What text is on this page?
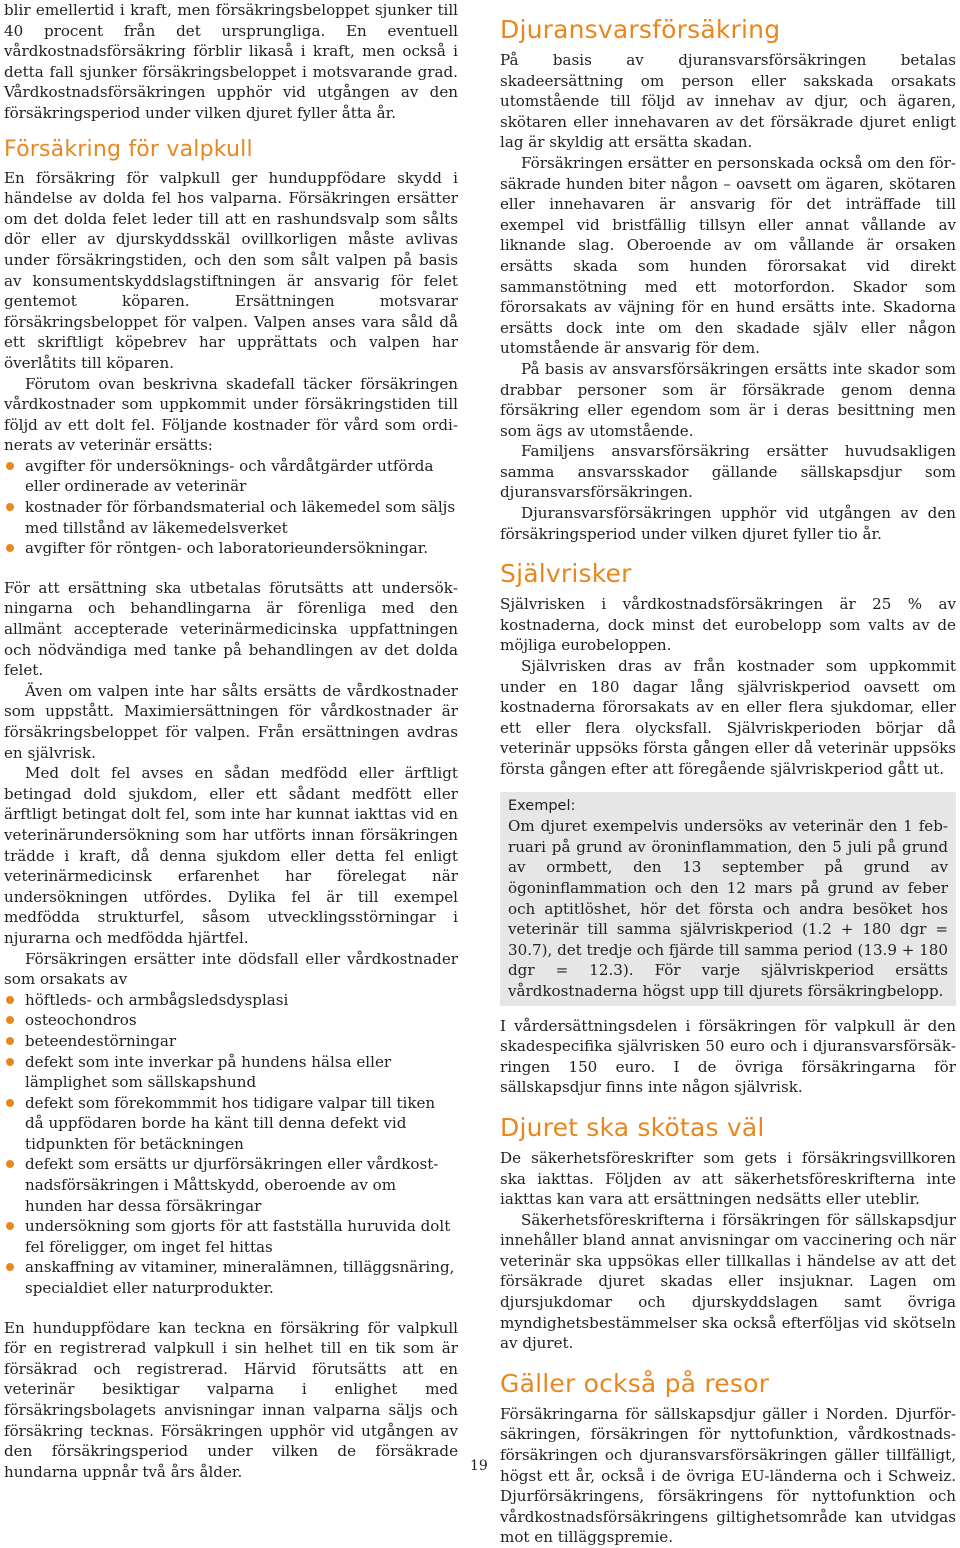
blir emellertid i kraft, men försäkringsbeloppet sjunker till 40 procent från det ursprungliga. En eventuell vårdkostnadsförsäkring förblir likaså i kraft, men också i detta fall sjunker försäkringsbeloppet i motsvarande grad. Vårdkostnadsförsäkringen upphör vid utgången av den försäkringsperiod under vilken djuret fyller åtta år.

Försäkring för valpkull

En försäkring för valpkull ger hunduppfödare skydd i händelse av dolda fel hos valparna. Försäkringen ersätter om det dolda felet leder till att en rashundsvalp som sålts dör eller av djurskyddsskäl ovillkorligen måste avlivas under försäkringstiden, och den som sålt valpen på basis av konsumentskyddslagstiftningen är ansvarig för felet gentemot köparen. Ersättningen motsvarar försäkringsbeloppet för valpen. Valpen anses vara såld då ett skriftligt köpebrev har upprättats och valpen har överlåtits till köparen.

Förutom ovan beskrivna skadefall täcker försäkringen vårdkostnader som uppkommit under försäkringstiden till följd av ett dolt fel. Följande kostnader för vård som ordinerats av veterinär ersätts:

avgifter för undersöknings- och vårdåtgärder utförda eller ordinerade av veterinär
kostnader för förbandsmaterial och läkemedel som säljs med tillstånd av läkemedelsverket
avgifter för röntgen- och laboratorieundersökningar.

För att ersättning ska utbetalas förutsätts att undersökningarna och behandlingarna är förenliga med den allmänt accepterade veterinärmedicinska uppfattningen och nödvändiga med tanke på behandlingen av det dolda felet.

Även om valpen inte har sålts ersätts de vårdkostnader som uppstått. Maximiersättningen för vårdkostnader är försäkringsbeloppet för valpen. Från ersättningen avdras en självrisk.

Med dolt fel avses en sådan medfödd eller ärftligt betingad dold sjukdom, eller ett sådant medfött eller ärftligt betingat dolt fel, som inte har kunnat iakttas vid en veterinärundersökning som har utförts innan försäkringen trädde i kraft, då denna sjukdom eller detta fel enligt veterinärmedicinsk erfarenhet har förelegat när undersökningen utfördes. Dylika fel är till exempel medfödda strukturfel, såsom utvecklingsstörningar i njurarna och medfödda hjärtfel.

Försäkringen ersätter inte dödsfall eller vårdkostnader som orsakats av

höftleds- och armbågsledsdysplasi
osteochondros
beteendestörningar
defekt som inte inverkar på hundens hälsa eller lämplighet som sällskapshund
defekt som förekommmit hos tidigare valpar till tiken då uppfödaren borde ha känt till denna defekt vid tidpunkten för betäckningen
defekt som ersätts ur djurförsäkringen eller vårdkostnadsförsäkringen i Måttskydd, oberoende av om hunden har dessa försäkringar
undersökning som gjorts för att fastställa huruvida dolt fel föreligger, om inget fel hittas
anskaffning av vitaminer, mineralämnen, tilläggsnäring, specialdiet eller naturprodukter.

En hunduppfödare kan teckna en försäkring för valpkull för en registrerad valpkull i sin helhet till en tik som är försäkrad och registrerad. Härvid förutsätts att en veterinär besiktigar valparna i enlighet med försäkringsbolagets anvisningar innan valparna säljs och försäkring tecknas. Försäkringen upphör vid utgången av den försäkringsperiod under vilken de försäkrade hundarna uppnår två års ålder.

Djuransvarsförsäkring

På basis av djuransvarsförsäkringen betalas skadeersättning om person eller sakskada orsakats utomstående till följd av innehav av djur, och ägaren, skötaren eller innehavaren av det försäkrade djuret enligt lag är skyldig att ersätta skadan.

Försäkringen ersätter en personskada också om den försäkrade hunden biter någon – oavsett om ägaren, skötaren eller innehavaren är ansvarig för det inträffade till exempel vid bristfällig tillsyn eller annat vållande av liknande slag. Oberoende av om vållande är orsaken ersätts skada som hunden förorsakat vid direkt sammanstötning med ett motorfordon. Skador som förorsakats av väjning för en hund ersätts inte. Skadorna ersätts dock inte om den skadade själv eller någon utomstående är ansvarig för dem.

På basis av ansvarsförsäkringen ersätts inte skador som drabbar personer som är försäkrade genom denna försäkring eller egendom som är i deras besittning men som ägs av utomstående.

Familjens ansvarsförsäkring ersätter huvudsakligen samma ansvarsskador gällande sällskapsdjur som djuransvarsförsäkringen.

Djuransvarsförsäkringen upphör vid utgången av den försäkringsperiod under vilken djuret fyller tio år.

Självrisker

Självrisken i vårdkostnadsförsäkringen är 25 % av kostnaderna, dock minst det eurobelopp som valts av de möjliga eurobeloppen.

Självrisken dras av från kostnader som uppkommit under en 180 dagar lång självriskperiod oavsett om kostnaderna förorsakats av en eller flera sjukdomar, eller ett eller flera olycksfall. Självriskperioden börjar då veterinär uppsöks första gången eller då veterinär uppsöks första gången efter att föregående självriskperiod gått ut.

Exempel:

Om djuret exempelvis undersöks av veterinär den 1 februari på grund av öroninflammation, den 5 juli på grund av ormbett, den 13 september på grund av ögoninflammation och den 12 mars på grund av feber och aptitlöshet, hör det första och andra besöket hos veterinär till samma självriskperiod (1.2 + 180 dgr = 30.7), det tredje och fjärde till samma period (13.9 + 180 dgr = 12.3). För varje självriskperiod ersätts vårdkostnaderna högst upp till djurets försäkringbelopp.

I vårdersättningsdelen i försäkringen för valpkull är den skadespecifika självrisken 50 euro och i djuransvarsförsäkringen 150 euro. I de övriga försäkringarna för sällskapsdjur finns inte någon självrisk.

Djuret ska skötas väl

De säkerhetsföreskrifter som gets i försäkringsvillkoren ska iakttas. Följden av att säkerhetsföreskrifterna inte iakttas kan vara att ersättningen nedsätts eller uteblir.

Säkerhetsföreskrifterna i försäkringen för sällskapsdjur innehåller bland annat anvisningar om vaccinering och när veterinär ska uppsökas eller tillkallas i händelse av att det försäkrade djuret skadas eller insjuknar. Lagen om djursjukdomar och djurskyddslagen samt övriga myndighetsbestämmelser ska också efterföljas vid skötseln av djuret.

Gäller också på resor

Försäkringarna för sällskapsdjur gäller i Norden. Djurförsäkringen, försäkringen för nyttofunktion, vårdkostnadsförsäkringen och djuransvarsförsäkringen gäller tillfälligt, högst ett år, också i de övriga EU-länderna och i Schweiz. Djurförsäkringens, försäkringens för nyttofunktion och vårdkostnadsförsäkringens giltighetsområde kan utvidgas mot en tilläggspremie.

19
